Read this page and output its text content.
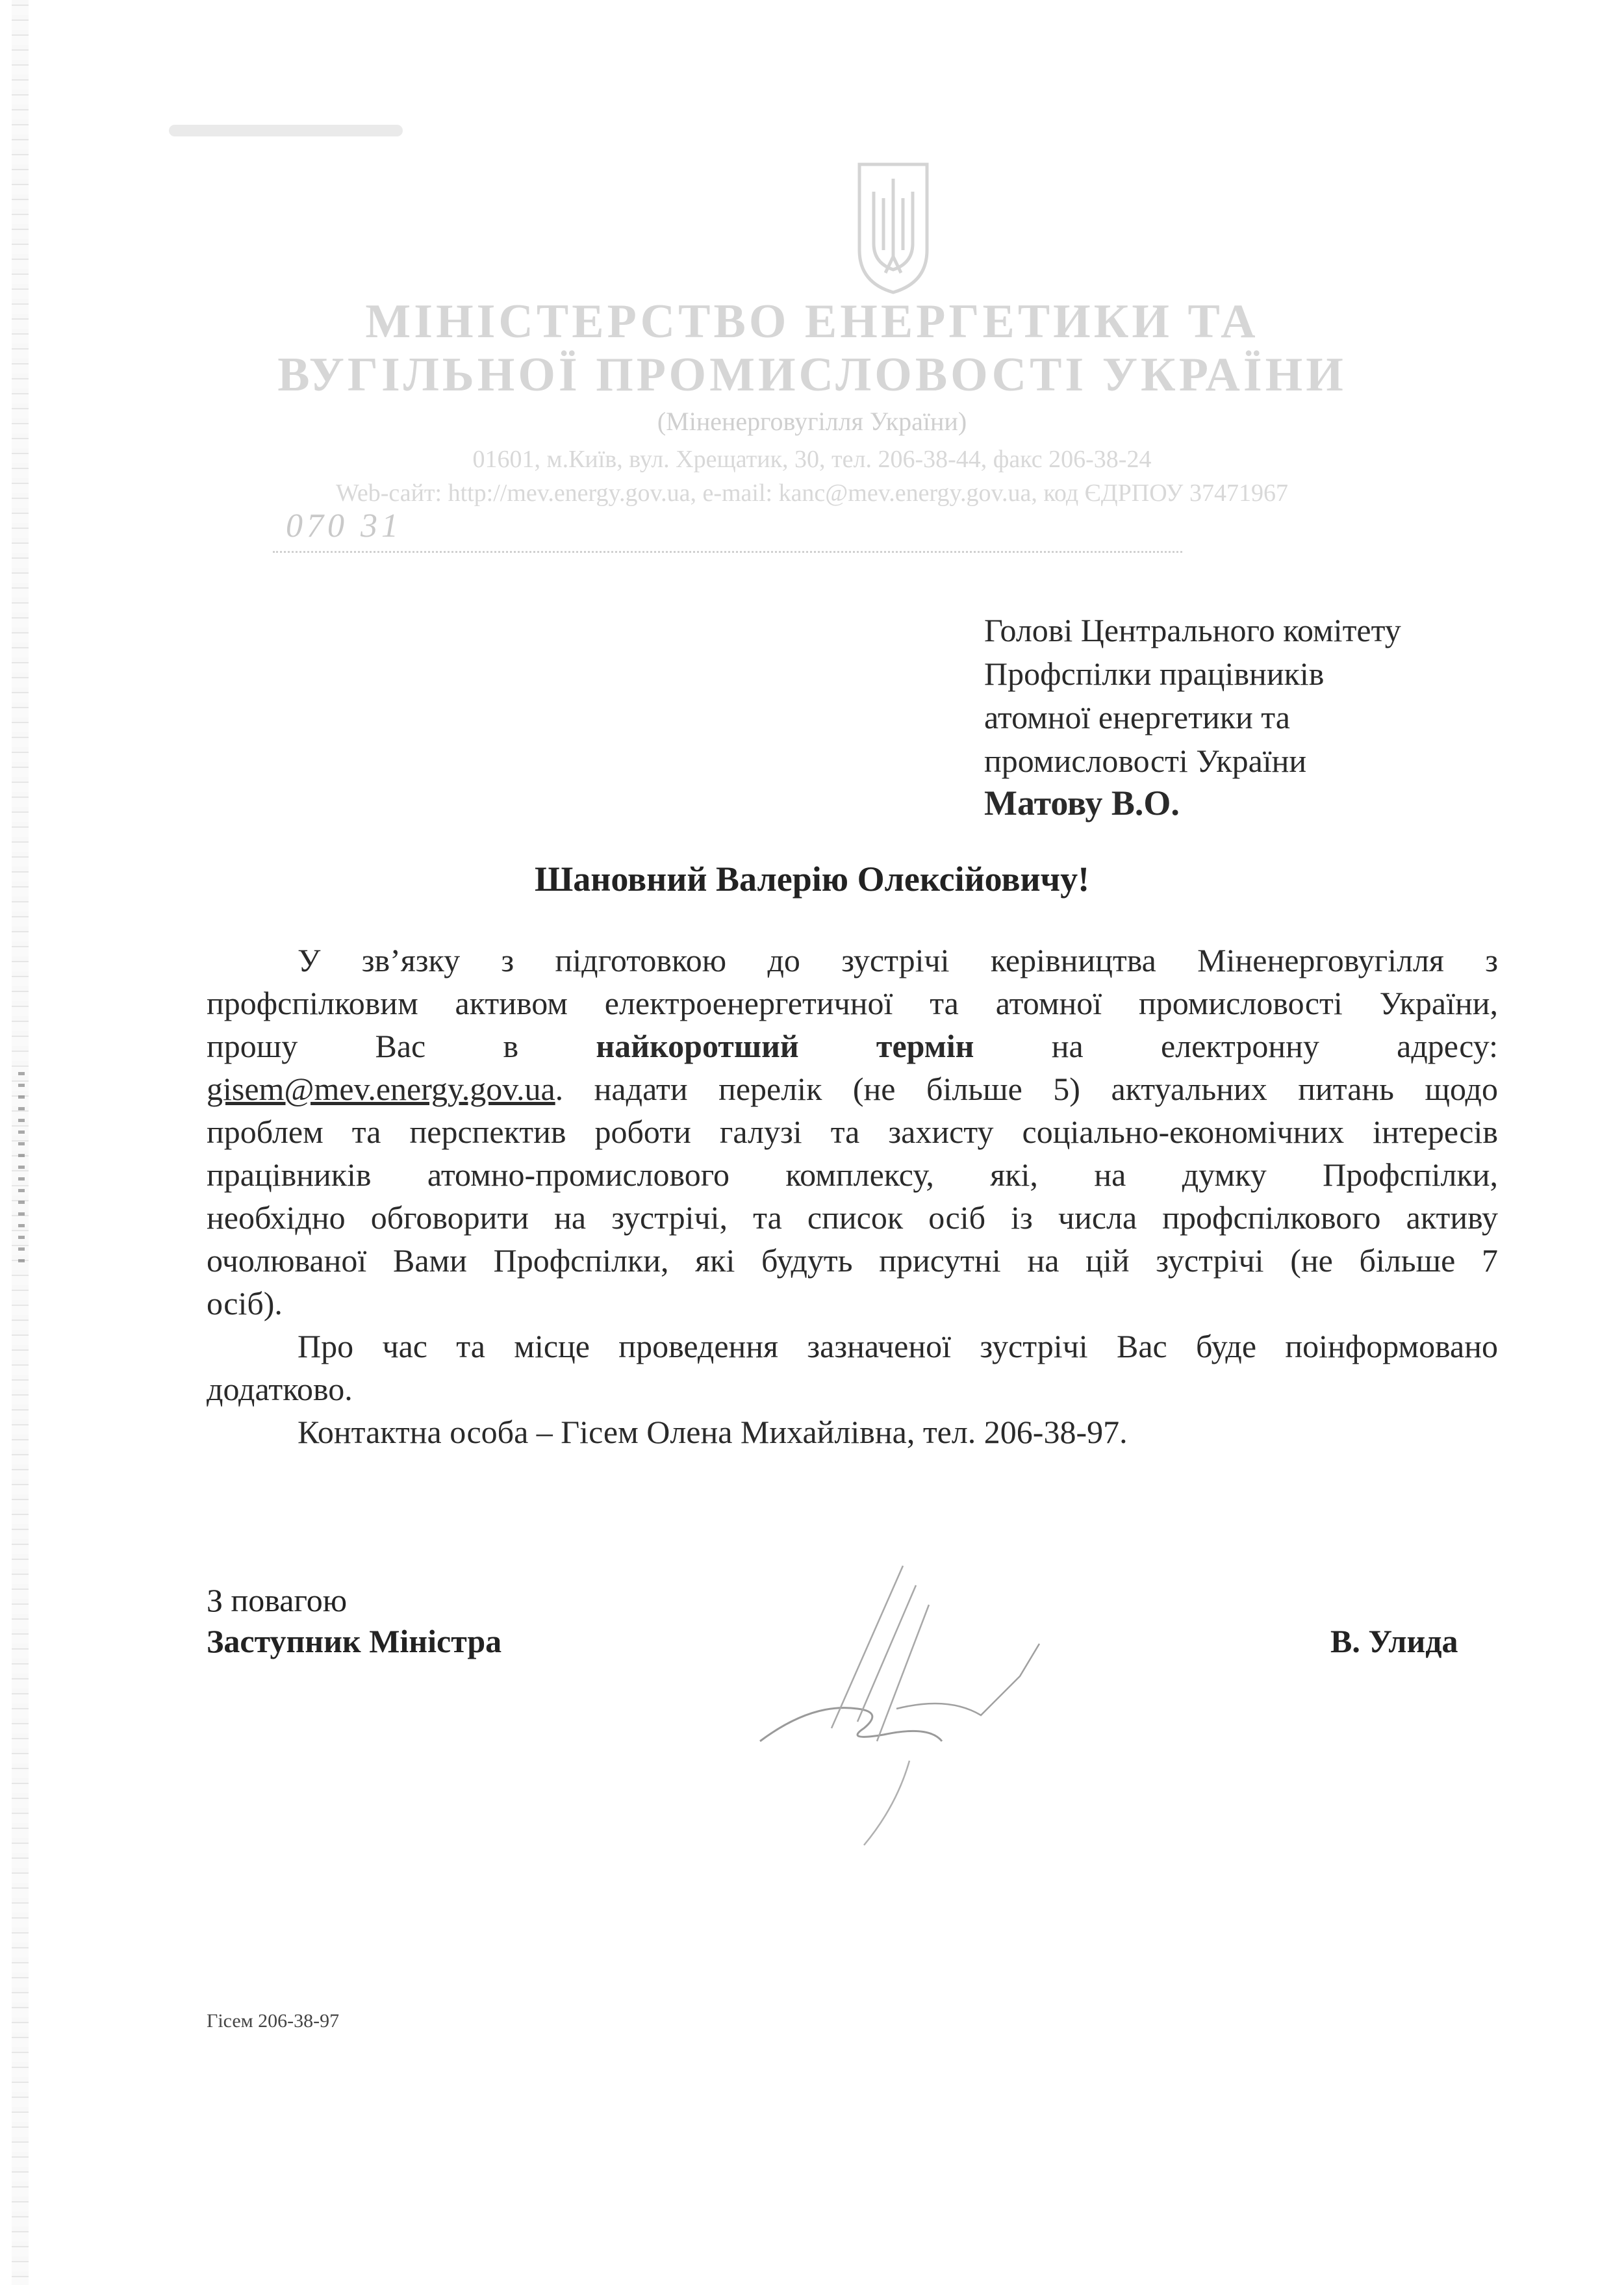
МІНІСТЕРСТВО ЕНЕРГЕТИКИ ТА
ВУГІЛЬНОЇ ПРОМИСЛОВОСТІ УКРАЇНИ
(Міненерговугілля України)
01601, м.Київ, вул. Хрещатик, 30, тел. 206-38-44, факс 206-38-24
Web-сайт: http://mev.energy.gov.ua, e-mail: kanc@mev.energy.gov.ua, код ЄДРПОУ 37471967
070 31
Голові Центрального комітету
Профспілки працівників
атомної енергетики та
промисловості України
Матову В.О.
Шановний Валерію Олексійовичу!
У зв’язку з підготовкою до зустрічі керівництва Міненерговугілля з
профспілковим активом електроенергетичної та атомної промисловості України,
прошу Вас в найкоротший термін на електронну адресу:
gisem@mev.energy.gov.ua. надати перелік (не більше 5) актуальних питань щодо
проблем та перспектив роботи галузі та захисту соціально-економічних інтересів
працівників атомно-промислового комплексу, які, на думку Профспілки,
необхідно обговорити на зустрічі, та список осіб із числа профспілкового активу
очолюваної Вами Профспілки, які будуть присутні на цій зустрічі (не більше 7
осіб).
Про час та місце проведення зазначеної зустрічі Вас буде поінформовано
додатково.
Контактна особа – Гісем Олена Михайлівна, тел. 206-38-97.
З повагою
Заступник Міністра	В. Улида
Гісем 206-38-97
